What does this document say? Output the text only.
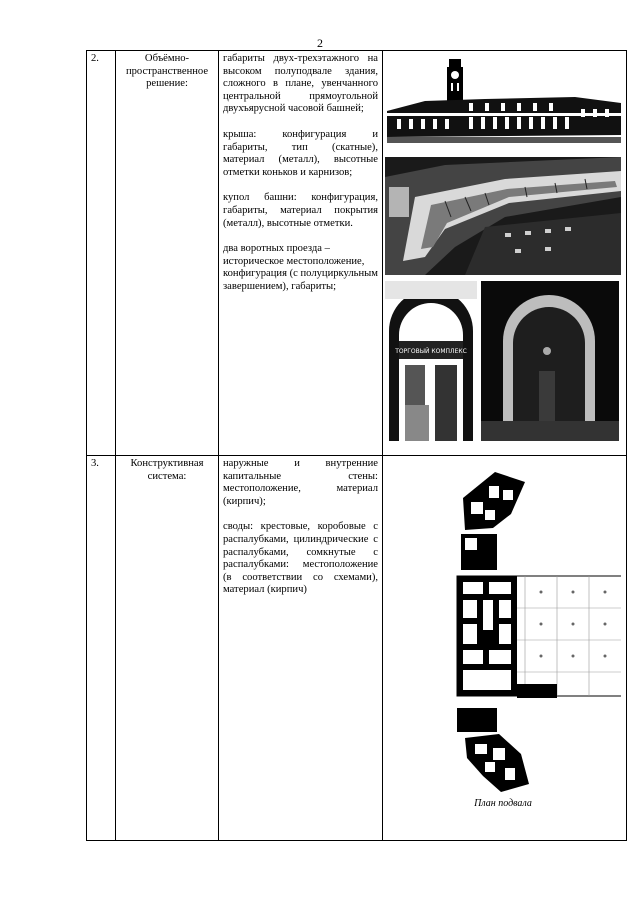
2
2.	Объёмно-пространственное решение:	габариты двух-трехэтажного на высоком полуподвале здания, сложного в плане, увенчанного центральной прямоугольной двухъярусной часовой башней;
крыша: конфигурация и габариты, тип (скатные), материал (металл), высотные отметки коньков и карнизов;
купол башни: конфигурация, габариты, материал покрытия (металл), высотные отметки.
два воротных проезда – историческое местоположение, конфигурация (с полуциркульным завершением), габариты;	ТОРГОВЫЙ КОМПЛЕКС

3.	Конструктивная система:	наружные и внутренние капитальные стены: местоположение, материал (кирпич);
своды: крестовые, коробовые с распалубками, цилиндрические с распалубками, сомкнутые с распалубками: местоположение (в соответствии со схемами), материал (кирпич)	План подвала
